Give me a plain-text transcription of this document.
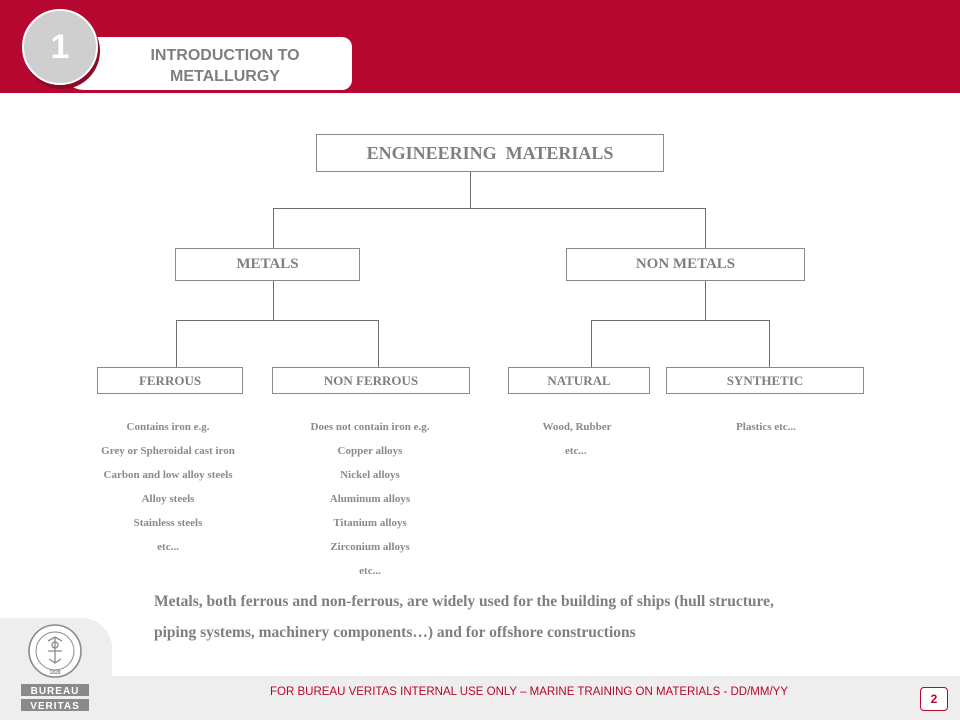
INTRODUCTION TO METALLURGY
1
ENGINEERING  MATERIALS
METALS	NON METALS
FERROUS	NON FERROUS	NATURAL	SYNTHETIC
Contains iron e.g.
Grey or Spheroidal cast iron
Carbon and low alloy steels
Alloy steels
Stainless steels
etc...
Does not contain iron e.g.
Copper alloys
Nickel alloys
Aluminum alloys
Titanium alloys
Zirconium alloys
etc...
Wood, Rubber
etc...
Plastics etc...
Metals, both ferrous and non-ferrous, are widely used for the building of ships (hull structure,
piping systems, machinery components…) and for offshore constructions
FOR BUREAU VERITAS INTERNAL USE ONLY – MARINE TRAINING ON MATERIALS - DD/MM/YY	2
1828
BUREAU
VERITAS
